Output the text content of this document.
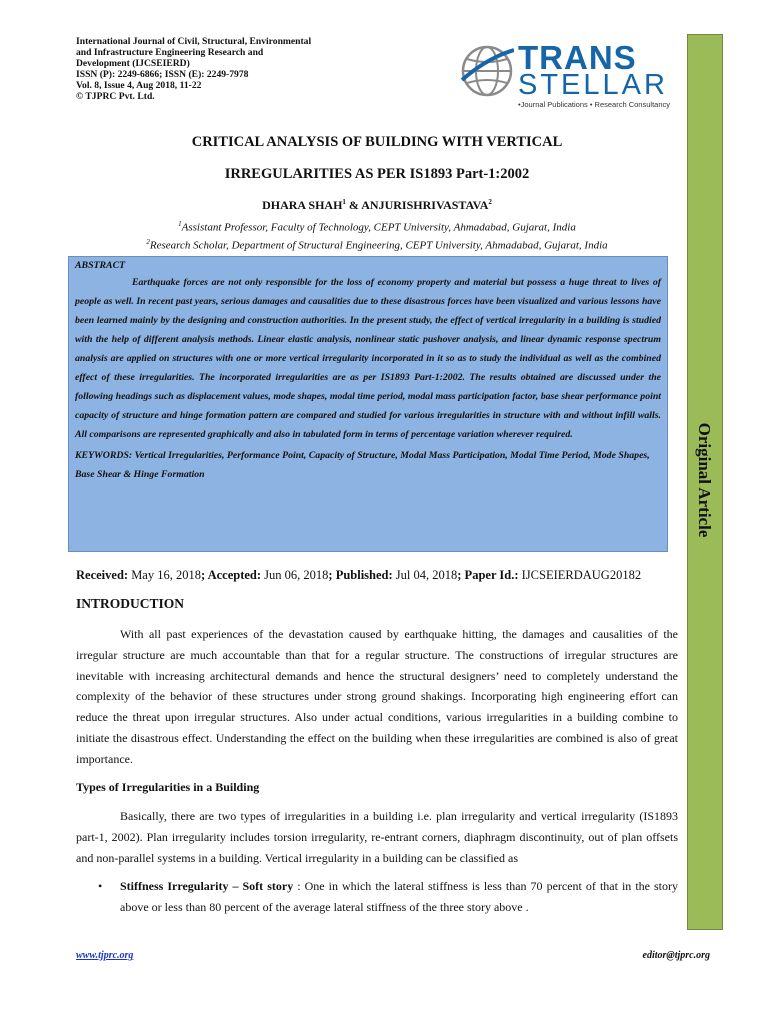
International Journal of Civil, Structural, Environmental
and Infrastructure Engineering Research and
Development (IJCSEIERD)
ISSN (P): 2249-6866; ISSN (E): 2249-7978
Vol. 8, Issue 4, Aug 2018, 11-22
© TJPRC Pvt. Ltd.
TRANS
STELLAR
•Journal Publications • Research Consultancy
Original Article
CRITICAL ANALYSIS OF BUILDING WITH VERTICAL
IRREGULARITIES AS PER IS1893 Part-1:2002
DHARA SHAH$^1$ & ANJURISHRIVASTAVA$^2$
$^1$Assistant Professor, Faculty of Technology, CEPT University, Ahmadabad, Gujarat, India
$^2$Research Scholar, Department of Structural Engineering, CEPT University, Ahmadabad, Gujarat, India
ABSTRACT
Earthquake forces are not only responsible for the loss of economy property and material but possess a huge threat to lives of people as well. In recent past years, serious damages and causalities due to these disastrous forces have been visualized and various lessons have been learned mainly by the designing and construction authorities. In the present study, the effect of vertical irregularity in a building is studied with the help of different analysis methods. Linear elastic analysis, nonlinear static pushover analysis, and linear dynamic response spectrum analysis are applied on structures with one or more vertical irregularity incorporated in it so as to study the individual as well as the combined effect of these irregularities. The incorporated irregularities are as per IS1893 Part-1:2002. The results obtained are discussed under the following headings such as displacement values, mode shapes, modal time period, modal mass participation factor, base shear performance point capacity of structure and hinge formation pattern are compared and studied for various irregularities in structure with and without infill walls. All comparisons are represented graphically and also in tabulated form in terms of percentage variation wherever required.
KEYWORDS: Vertical Irregularities, Performance Point, Capacity of Structure, Modal Mass Participation, Modal Time Period, Mode Shapes, Base Shear & Hinge Formation
Received: May 16, 2018; Accepted: Jun 06, 2018; Published: Jul 04, 2018; Paper Id.: IJCSEIERDAUG20182
INTRODUCTION
With all past experiences of the devastation caused by earthquake hitting, the damages and causalities of the irregular structure are much accountable than that for a regular structure. The constructions of irregular structures are inevitable with increasing architectural demands and hence the structural designers’ need to completely understand the complexity of the behavior of these structures under strong ground shakings. Incorporating high engineering effort can reduce the threat upon irregular structures. Also under actual conditions, various irregularities in a building combine to initiate the disastrous effect. Understanding the effect on the building when these irregularities are combined is also of great importance.
Types of Irregularities in a Building
Basically, there are two types of irregularities in a building i.e. plan irregularity and vertical irregularity (IS1893 part-1, 2002). Plan irregularity includes torsion irregularity, re-entrant corners, diaphragm discontinuity, out of plan offsets and non-parallel systems in a building. Vertical irregularity in a building can be classified as
• Stiffness Irregularity – Soft story : One in which the lateral stiffness is less than 70 percent of that in the story above or less than 80 percent of the average lateral stiffness of the three story above .
www.tjprc.org	editor@tjprc.org
